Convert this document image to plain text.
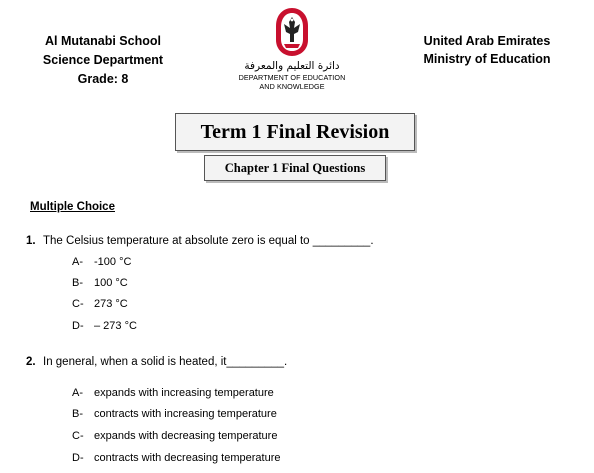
Al Mutanabi School
Science Department
Grade: 8
دائرة التعليم والمعرفة
DEPARTMENT OF EDUCATION
AND KNOWLEDGE
United Arab Emirates
Ministry of Education
Term 1 Final Revision
Chapter 1 Final Questions
Multiple Choice
1. The Celsius temperature at absolute zero is equal to _________.
A- -100 °C
B- 100 °C
C- 273 °C
D- – 273 °C
2. In general, when a solid is heated, it_________.
A- expands with increasing temperature
B- contracts with increasing temperature
C- expands with decreasing temperature
D- contracts with decreasing temperature
